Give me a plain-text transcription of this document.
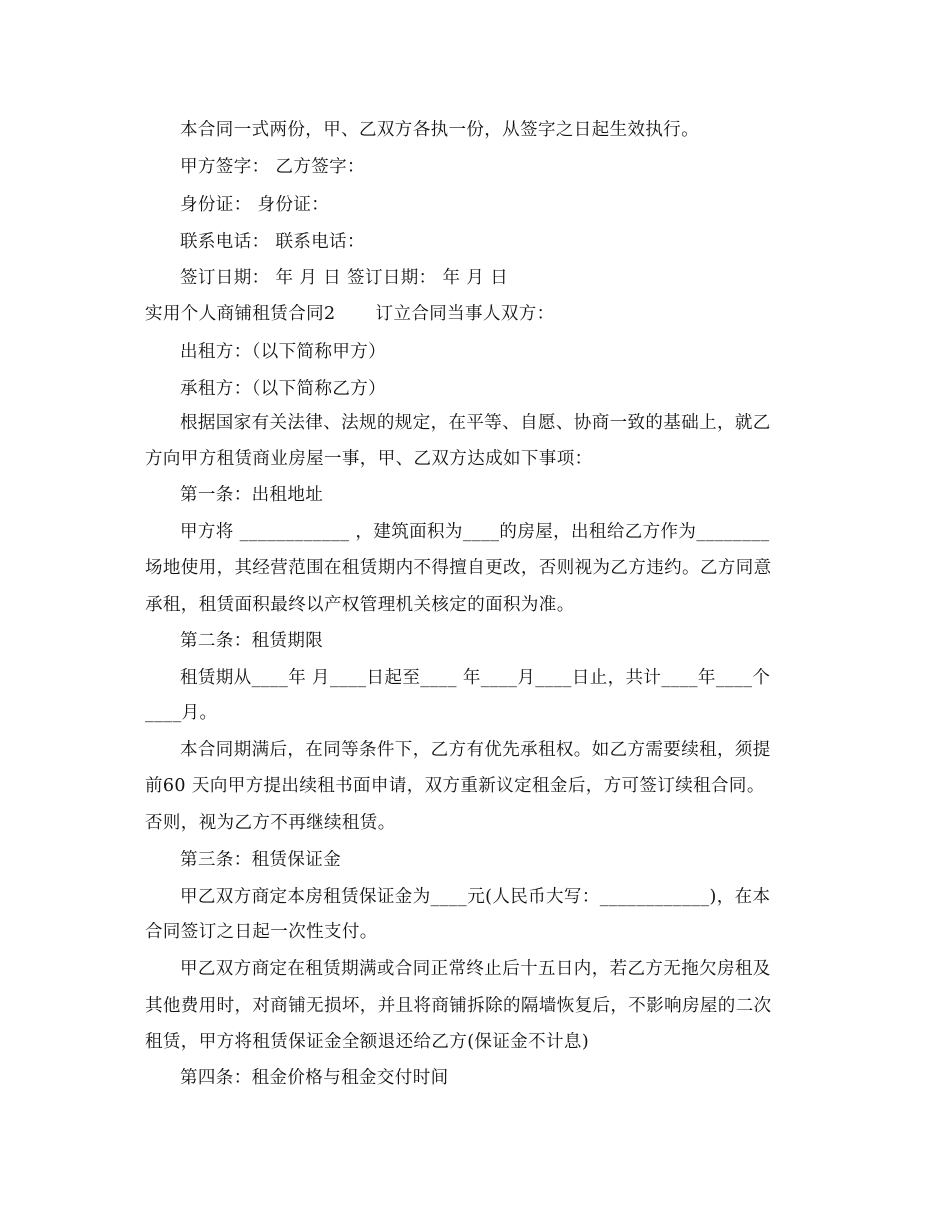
本合同一式两份，甲、乙双方各执一份，从签字之日起生效执行。
甲方签字： 乙方签字：
身份证： 身份证：
联系电话： 联系电话：
签订日期： 年 月 日 签订日期： 年 月 日
实用个人商铺租赁合同2 订立合同当事人双方：
出租方：（以下简称甲方）
承租方：（以下简称乙方）
根据国家有关法律、法规的规定，在平等、自愿、协商一致的基础上，就乙
方向甲方租赁商业房屋一事，甲、乙双方达成如下事项：
第一条：出租地址
甲方将 ____________ ，建筑面积为____的房屋，出租给乙方作为________
场地使用，其经营范围在租赁期内不得擅自更改，否则视为乙方违约。乙方同意
承租，租赁面积最终以产权管理机关核定的面积为准。
第二条：租赁期限
租赁期从____年 月____日起至____ 年____月____日止，共计____年____个
____月。
本合同期满后，在同等条件下，乙方有优先承租权。如乙方需要续租，须提
前60 天向甲方提出续租书面申请，双方重新议定租金后，方可签订续租合同。
否则，视为乙方不再继续租赁。
第三条：租赁保证金
甲乙双方商定本房租赁保证金为____元(人民币大写：____________)，在本
合同签订之日起一次性支付。
甲乙双方商定在租赁期满或合同正常终止后十五日内，若乙方无拖欠房租及
其他费用时，对商铺无损坏，并且将商铺拆除的隔墙恢复后，不影响房屋的二次
租赁，甲方将租赁保证金全额退还给乙方(保证金不计息)
第四条：租金价格与租金交付时间
